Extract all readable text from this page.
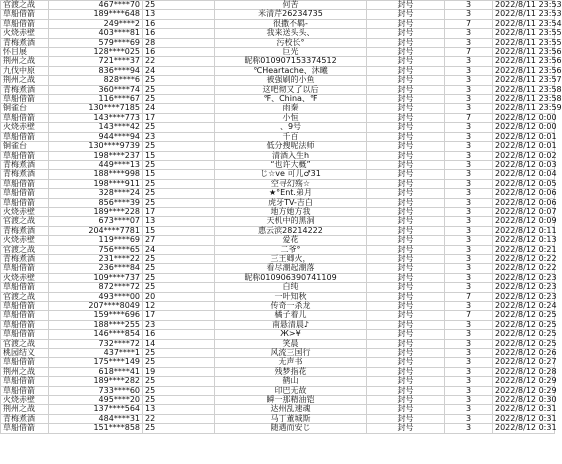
官渡之战	467****70	25	何苦	封号	3	2022/8/11 23:53
草船借箭	189****648	13	米清芹26234735	封号	3	2022/8/11 23:53
草船借箭	249****2	16	很撒不羁-	封号	7	2022/8/11 23:54
火烧赤壁	403****81	16	我来送头头、	封号	3	2022/8/11 23:55
青梅煮酒	579****69	28	污校长°	封号	3	2022/8/11 23:55
怀目展	128****025	16	巨光	封号	7	2022/8/11 23:56
荆州之战	721****37	22	昵称010907153374512	封号	3	2022/8/11 23:56
九伐中原	836****94	24	℃Heartache、沐曦	封号	3	2022/8/11 23:56
荆州之战	828****6	25	被强刷的小鱼	封号	3	2022/8/11 23:57
青梅煮酒	360****74	25	这吧彻又了以后	封号	3	2022/8/11 23:58
草船借箭	116****67	25	℉、China、℉	封号	3	2022/8/11 23:58
铜雀台	130****7185	24	雨秦	封号	3	2022/8/11 23:59
草船借箭	143****773	17	小恒	封号	7	2022/8/12 0:00
火烧赤壁	143****42	25	、9号	封号	3	2022/8/12 0:00
草船借箭	944****94	23	千百	封号	3	2022/8/12 0:01
铜雀台	130****9739	25	低分搜呢法师	封号	3	2022/8/12 0:01
草船借箭	198****237	15	清酒入生h	封号	3	2022/8/12 0:02
青梅煮酒	449****13	25	“也许大概”	封号	3	2022/8/12 0:03
青梅煮酒	188****998	15	じ☆ve 可儿♂31	封号	3	2022/8/12 0:04
草船借箭	198****911	25	空寻幻殇☆	封号	3	2022/8/12 0:05
草船借箭	328****24	25	★°Ent.弟月	封号	3	2022/8/12 0:06
草船借箭	856****39	25	虎牙TV-吉白	封号	3	2022/8/12 0:06
火烧赤壁	189****228	17	地方她方我	封号	3	2022/8/12 0:07
官渡之战	673****07	13	天机中的黑洞	封号	3	2022/8/12 0:09
青梅煮酒	204****7781	15	惠云滨28214222	封号	3	2022/8/12 0:11
火烧赤壁	119****69	27	爱花	封号	3	2022/8/12 0:13
官渡之战	756****65	24	二爷°	封号	3	2022/8/12 0:21
青梅煮酒	231****22	25	三王卿火，	封号	3	2022/8/12 0:22
草船借箭	236****84	25	看尽潮起潮落	封号	3	2022/8/12 0:22
火烧赤壁	109****737	25	昵称010906390741109	封号	3	2022/8/12 0:23
草船借箭	872****72	25	白纯	封号	3	2022/8/12 0:23
官渡之战	493****00	20	一叶知秋	封号	7	2022/8/12 0:23
草船借箭	207****8049	12	传奇一杀龙	封号	3	2022/8/12 0:24
草船借箭	159****696	17	橘子着儿	封号	7	2022/8/12 0:25
草船借箭	188****255	23	南悬清晨♪	封号	3	2022/8/12 0:25
草船借箭	146****854	16	Ж>¥	封号	3	2022/8/12 0:25
官渡之战	732****72	14	笑晨	封号	3	2022/8/12 0:25
桃园结义	437****1	25	风流三国行	封号	3	2022/8/12 0:26
草船借箭	175****149	25	无声书	封号	3	2022/8/12 0:27
荆州之战	618****41	19	残梦指花	封号	3	2022/8/12 0:28
草船借箭	189****282	25	鹤山	封号	3	2022/8/12 0:29
草船借箭	733****60	25	印巴无故	封号	3	2022/8/12 0:29
火烧赤壁	495****20	25	瞬一那精油铠	封号	3	2022/8/12 0:30
荆州之战	137****564	13	达州乱速魂	封号	3	2022/8/12 0:31
青梅煮酒	484****31	22	马丁董城斯	封号	3	2022/8/12 0:31
草船借箭	151****858	25	随遇而安じ	封号	3	2022/8/12 0:31
